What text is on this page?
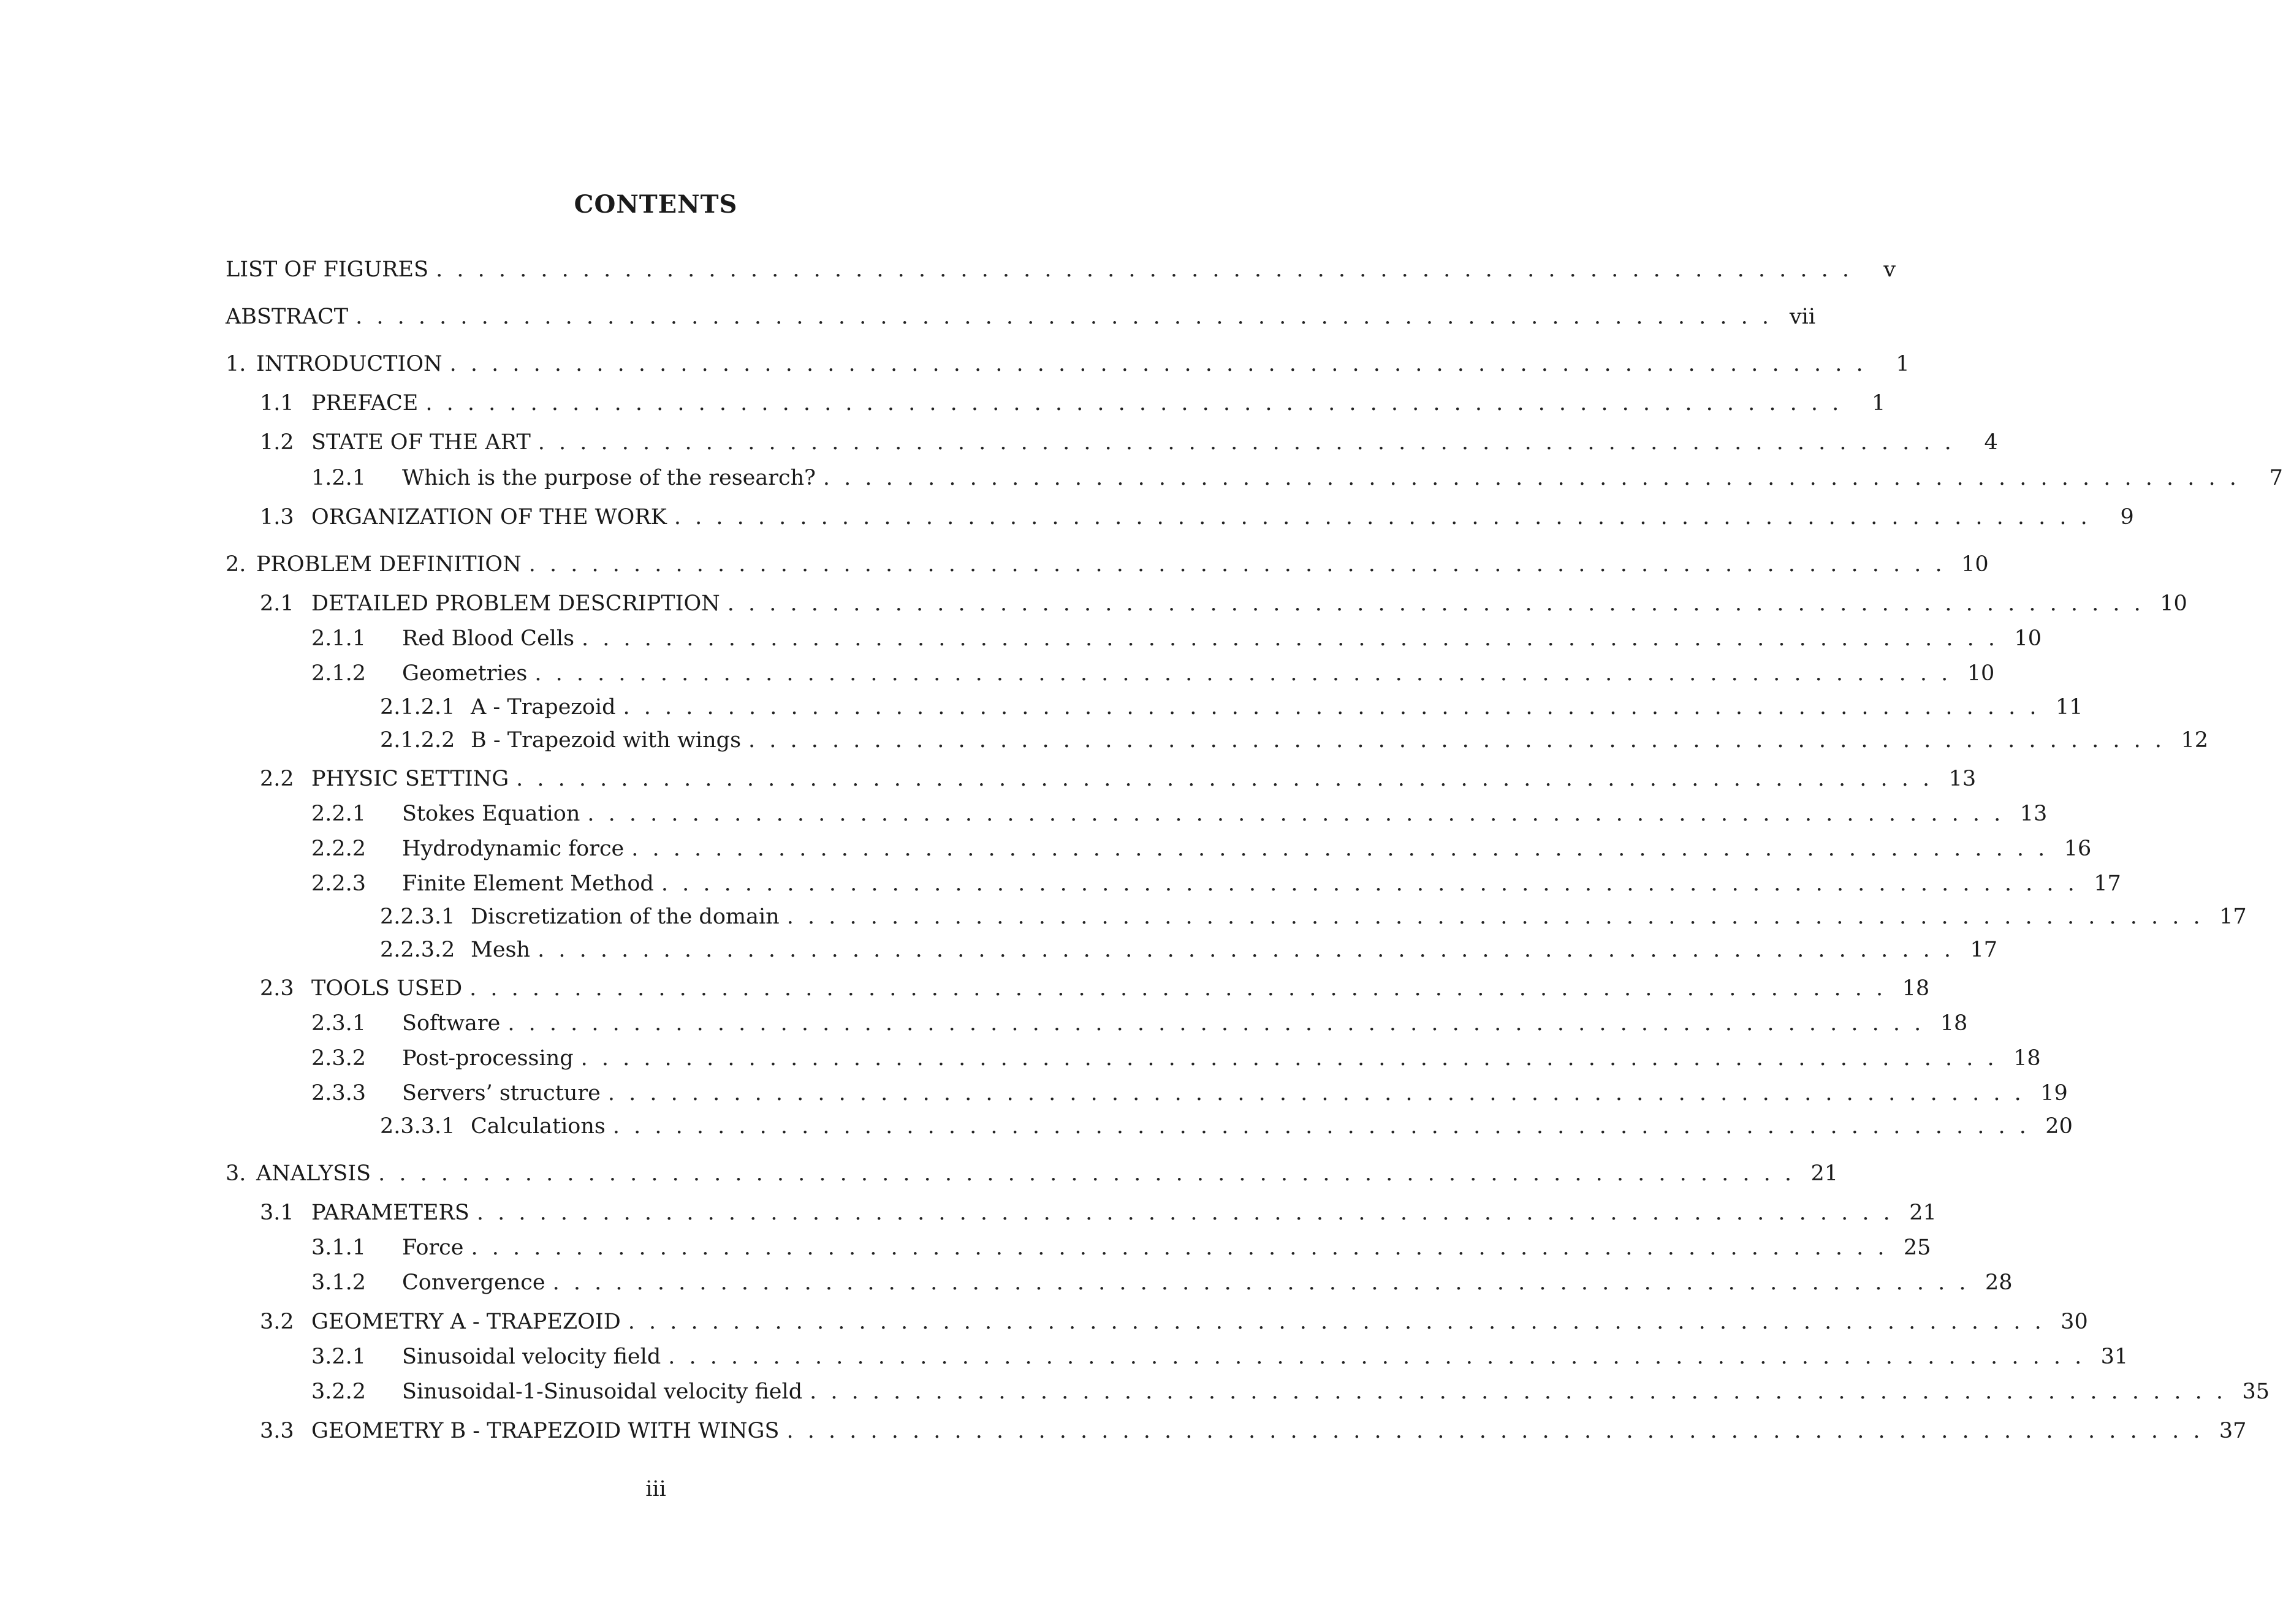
CONTENTS
LIST OF FIGURES . . . . . . . . . . . . . . . . . . . . . . . . . . . . . . . . . . . . . . . . . . . . . . . . . . . . . . . . . . . . . . . . . . . .	v
ABSTRACT . . . . . . . . . . . . . . . . . . . . . . . . . . . . . . . . . . . . . . . . . . . . . . . . . . . . . . . . . . . . . . . . . . . . vii
1. INTRODUCTION . . . . . . . . . . . . . . . . . . . . . . . . . . . . . . . . . . . . . . . . . . . . . . . . . . . . . . . . . . . . . . . . . . . .	1
1.1 PREFACE . . . . . . . . . . . . . . . . . . . . . . . . . . . . . . . . . . . . . . . . . . . . . . . . . . . . . . . . . . . . . . . . . . . .	1
1.2 STATE OF THE ART . . . . . . . . . . . . . . . . . . . . . . . . . . . . . . . . . . . . . . . . . . . . . . . . . . . . . . . . . . . . . . . . . . . .	4
1.2.1	Which is the purpose of the research? . . . . . . . . . . . . . . . . . . . . . . . . . . . . . . . . . . . . . . . . . . . . . . . . . . . . . . . . . . . . . . . . . . . .	7
1.3 ORGANIZATION OF THE WORK . . . . . . . . . . . . . . . . . . . . . . . . . . . . . . . . . . . . . . . . . . . . . . . . . . . . . . . . . . . . . . . . . . . .	9
2. PROBLEM DEFINITION . . . . . . . . . . . . . . . . . . . . . . . . . . . . . . . . . . . . . . . . . . . . . . . . . . . . . . . . . . . . . . . . . . . . 10
2.1 DETAILED PROBLEM DESCRIPTION . . . . . . . . . . . . . . . . . . . . . . . . . . . . . . . . . . . . . . . . . . . . . . . . . . . . . . . . . . . . . . . . . . . . 10
2.1.1	Red Blood Cells . . . . . . . . . . . . . . . . . . . . . . . . . . . . . . . . . . . . . . . . . . . . . . . . . . . . . . . . . . . . . . . . . . . . 10
2.1.2	Geometries . . . . . . . . . . . . . . . . . . . . . . . . . . . . . . . . . . . . . . . . . . . . . . . . . . . . . . . . . . . . . . . . . . . . 10
2.1.2.1 A - Trapezoid . . . . . . . . . . . . . . . . . . . . . . . . . . . . . . . . . . . . . . . . . . . . . . . . . . . . . . . . . . . . . . . . . . . . 11
2.1.2.2 B - Trapezoid with wings . . . . . . . . . . . . . . . . . . . . . . . . . . . . . . . . . . . . . . . . . . . . . . . . . . . . . . . . . . . . . . . . . . . . 12
2.2 PHYSIC SETTING . . . . . . . . . . . . . . . . . . . . . . . . . . . . . . . . . . . . . . . . . . . . . . . . . . . . . . . . . . . . . . . . . . . . 13
2.2.1	Stokes Equation . . . . . . . . . . . . . . . . . . . . . . . . . . . . . . . . . . . . . . . . . . . . . . . . . . . . . . . . . . . . . . . . . . . . 13
2.2.2	Hydrodynamic force . . . . . . . . . . . . . . . . . . . . . . . . . . . . . . . . . . . . . . . . . . . . . . . . . . . . . . . . . . . . . . . . . . . . 16
2.2.3	Finite Element Method . . . . . . . . . . . . . . . . . . . . . . . . . . . . . . . . . . . . . . . . . . . . . . . . . . . . . . . . . . . . . . . . . . . . 17
2.2.3.1 Discretization of the domain . . . . . . . . . . . . . . . . . . . . . . . . . . . . . . . . . . . . . . . . . . . . . . . . . . . . . . . . . . . . . . . . . . . . 17
2.2.3.2 Mesh . . . . . . . . . . . . . . . . . . . . . . . . . . . . . . . . . . . . . . . . . . . . . . . . . . . . . . . . . . . . . . . . . . . . 17
2.3 TOOLS USED . . . . . . . . . . . . . . . . . . . . . . . . . . . . . . . . . . . . . . . . . . . . . . . . . . . . . . . . . . . . . . . . . . . . 18
2.3.1	Software . . . . . . . . . . . . . . . . . . . . . . . . . . . . . . . . . . . . . . . . . . . . . . . . . . . . . . . . . . . . . . . . . . . . 18
2.3.2	Post-processing . . . . . . . . . . . . . . . . . . . . . . . . . . . . . . . . . . . . . . . . . . . . . . . . . . . . . . . . . . . . . . . . . . . . 18
2.3.3	Servers’ structure . . . . . . . . . . . . . . . . . . . . . . . . . . . . . . . . . . . . . . . . . . . . . . . . . . . . . . . . . . . . . . . . . . . . 19
2.3.3.1 Calculations . . . . . . . . . . . . . . . . . . . . . . . . . . . . . . . . . . . . . . . . . . . . . . . . . . . . . . . . . . . . . . . . . . . . 20
3. ANALYSIS . . . . . . . . . . . . . . . . . . . . . . . . . . . . . . . . . . . . . . . . . . . . . . . . . . . . . . . . . . . . . . . . . . . . 21
3.1 PARAMETERS . . . . . . . . . . . . . . . . . . . . . . . . . . . . . . . . . . . . . . . . . . . . . . . . . . . . . . . . . . . . . . . . . . . . 21
3.1.1	Force . . . . . . . . . . . . . . . . . . . . . . . . . . . . . . . . . . . . . . . . . . . . . . . . . . . . . . . . . . . . . . . . . . . . 25
3.1.2	Convergence . . . . . . . . . . . . . . . . . . . . . . . . . . . . . . . . . . . . . . . . . . . . . . . . . . . . . . . . . . . . . . . . . . . . 28
3.2 GEOMETRY A - TRAPEZOID . . . . . . . . . . . . . . . . . . . . . . . . . . . . . . . . . . . . . . . . . . . . . . . . . . . . . . . . . . . . . . . . . . . . 30
3.2.1	Sinusoidal velocity field . . . . . . . . . . . . . . . . . . . . . . . . . . . . . . . . . . . . . . . . . . . . . . . . . . . . . . . . . . . . . . . . . . . . 31
3.2.2	Sinusoidal-1-Sinusoidal velocity field . . . . . . . . . . . . . . . . . . . . . . . . . . . . . . . . . . . . . . . . . . . . . . . . . . . . . . . . . . . . . . . . . . . . 35
3.3 GEOMETRY B - TRAPEZOID WITH WINGS . . . . . . . . . . . . . . . . . . . . . . . . . . . . . . . . . . . . . . . . . . . . . . . . . . . . . . . . . . . . . . . . . . . . 37
iii
